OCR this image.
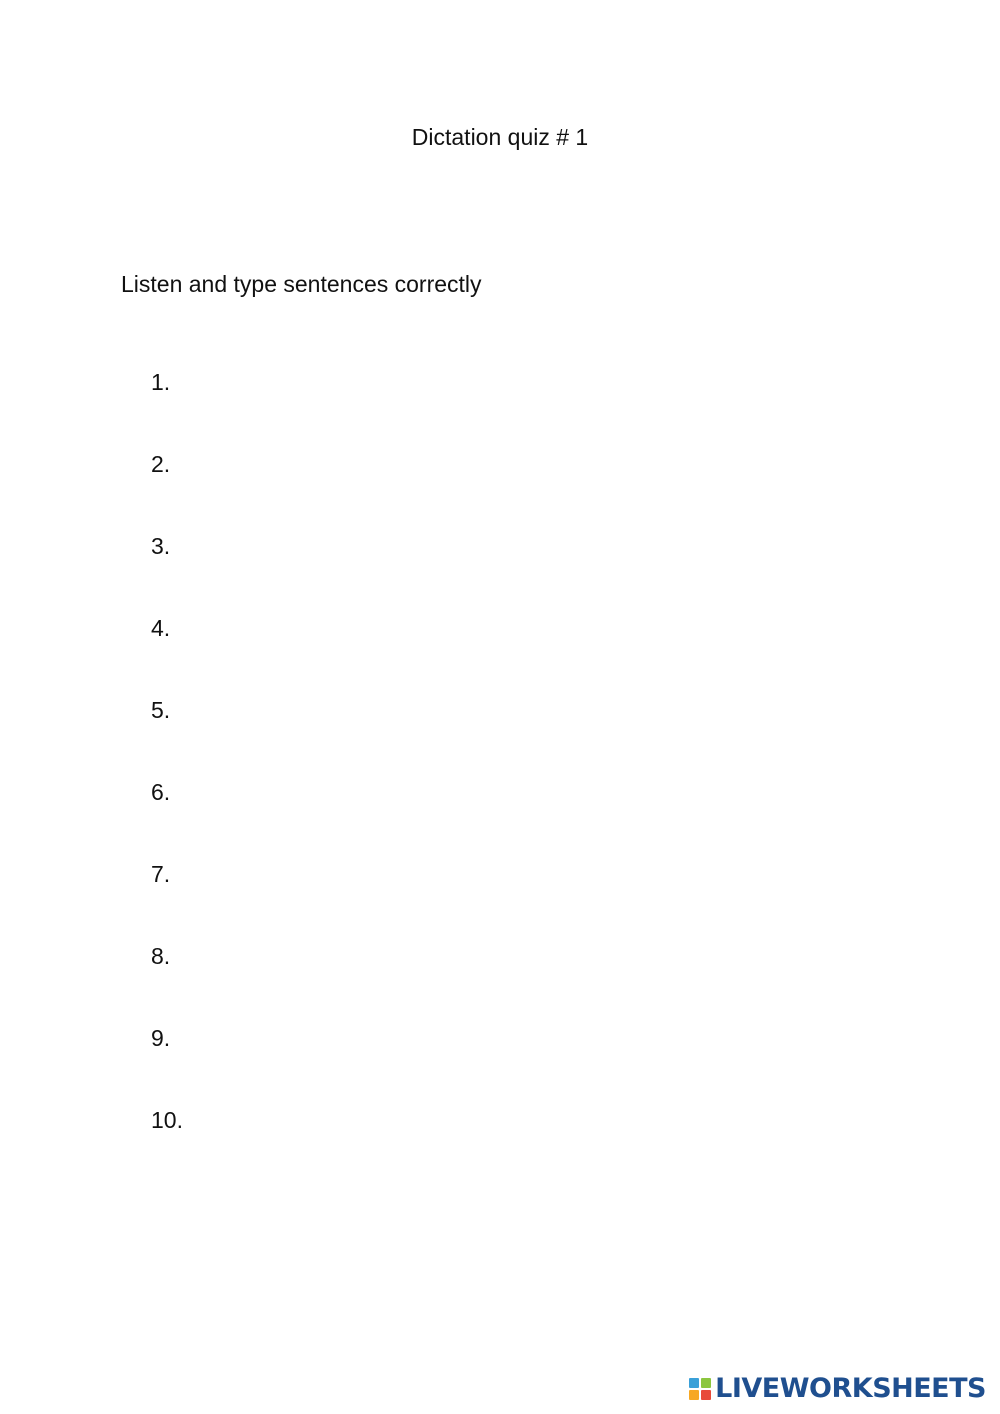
Dictation quiz # 1
Listen and type sentences correctly
1.
2.
3.
4.
5.
6.
7.
8.
9.
10.
LIVEWORKSHEETS
